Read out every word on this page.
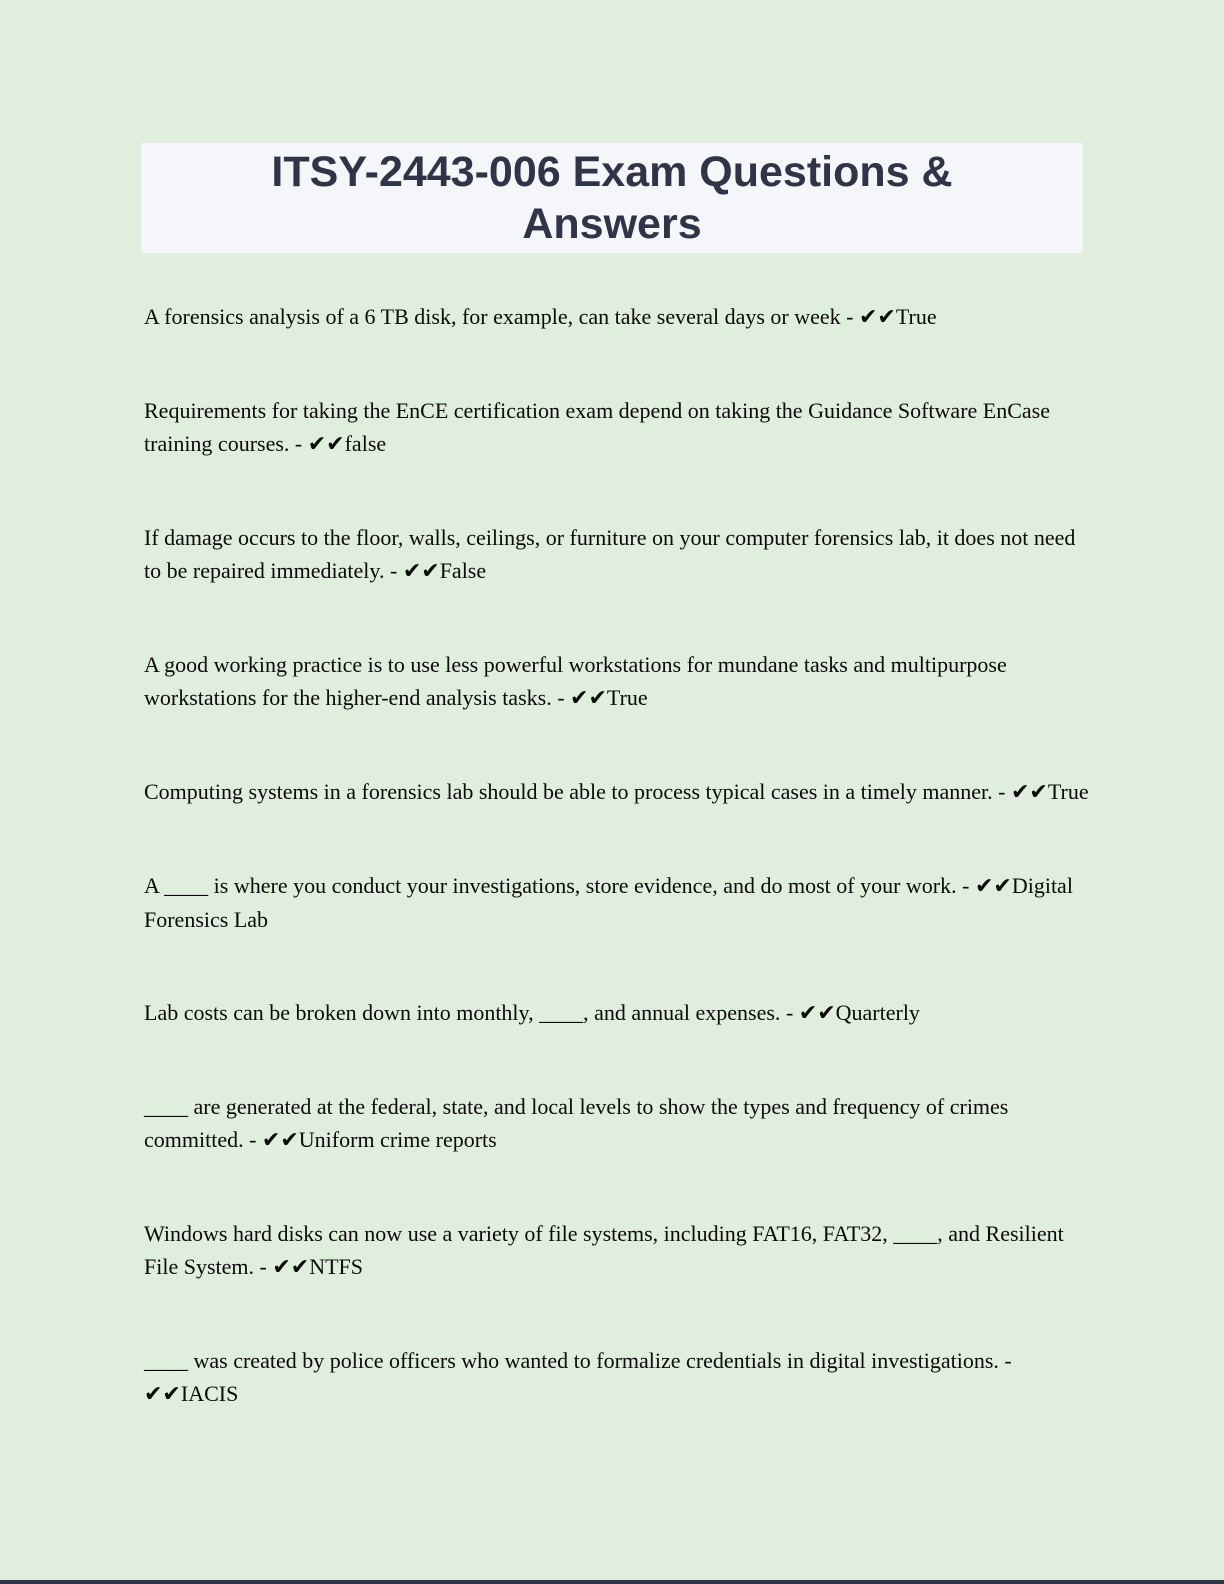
ITSY-2443-006 Exam Questions &
Answers

A forensics analysis of a 6 TB disk, for example, can take several days or week - ✔✔True

Requirements for taking the EnCE certification exam depend on taking the Guidance Software EnCase training courses. - ✔✔false

If damage occurs to the floor, walls, ceilings, or furniture on your computer forensics lab, it does not need to be repaired immediately. - ✔✔False

A good working practice is to use less powerful workstations for mundane tasks and multipurpose workstations for the higher-end analysis tasks. - ✔✔True

Computing systems in a forensics lab should be able to process typical cases in a timely manner. - ✔✔True

A ____ is where you conduct your investigations, store evidence, and do most of your work. - ✔✔Digital Forensics Lab

Lab costs can be broken down into monthly, ____, and annual expenses. - ✔✔Quarterly

____ are generated at the federal, state, and local levels to show the types and frequency of crimes committed. - ✔✔Uniform crime reports

Windows hard disks can now use a variety of file systems, including FAT16, FAT32, ____, and Resilient File System. - ✔✔NTFS

____ was created by police officers who wanted to formalize credentials in digital investigations. - ✔✔IACIS
